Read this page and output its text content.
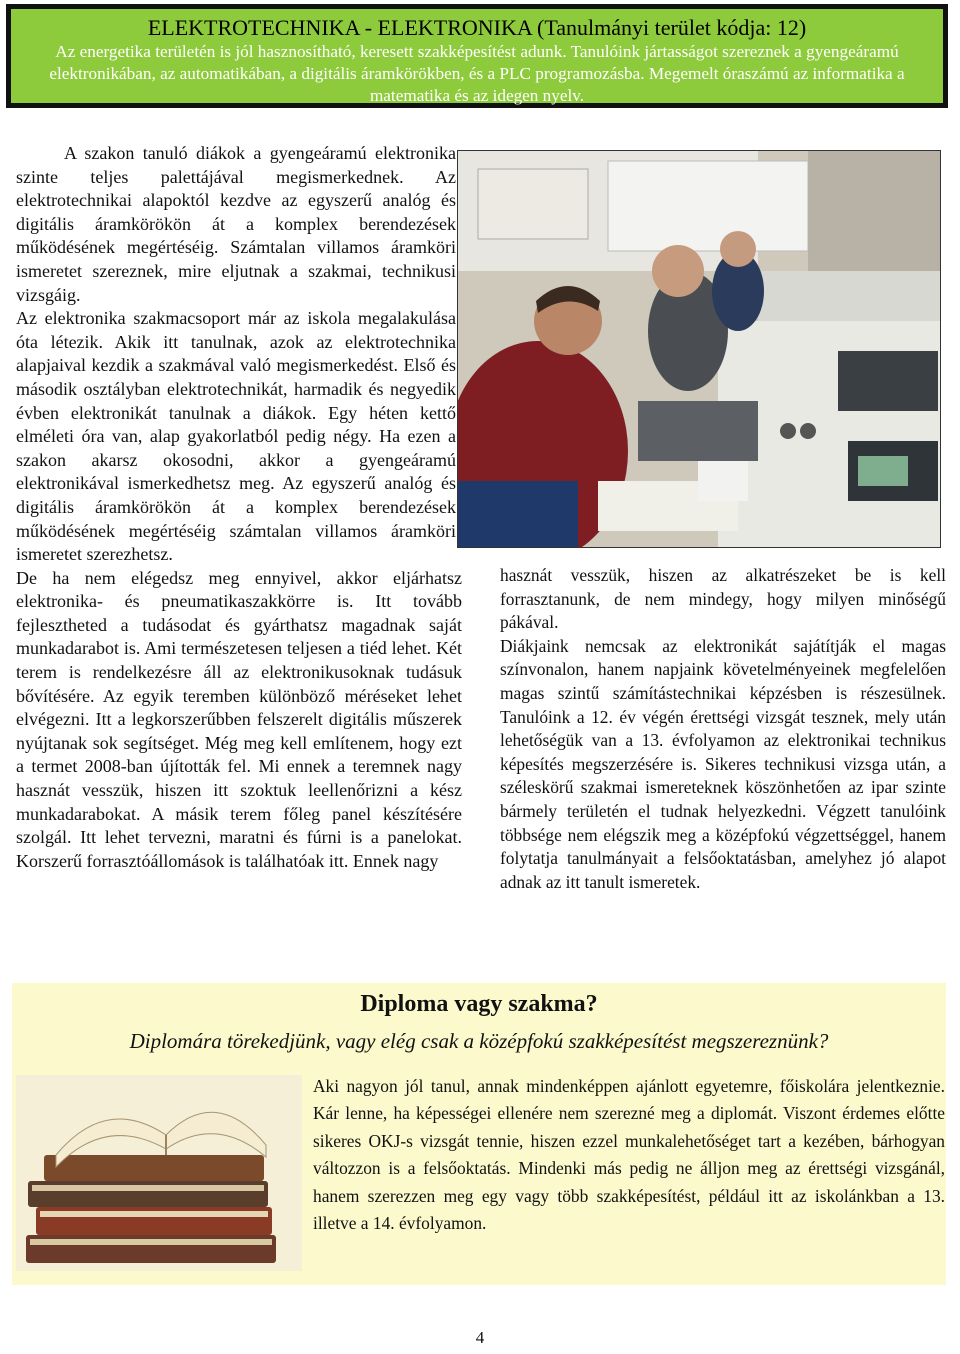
ELEKTROTECHNIKA - ELEKTRONIKA (Tanulmányi terület kódja: 12)

Az energetika területén is jól hasznosítható, keresett szakképesítést adunk. Tanulóink jártasságot szereznek a gyengeáramú elektronikában, az automatikában, a digitális áramkörökben, és a PLC programozásba. Megemelt óraszámú az informatika a matematika és az idegen nyelv.

A szakon tanuló diákok a gyengeáramú elektronika szinte teljes palettájával megismerkednek. Az elektrotechnikai alapoktól kezdve az egyszerű analóg és digitális áramkörökön át a komplex berendezések működésének megértéséig. Számtalan villamos áramköri ismeretet szereznek, mire eljutnak a szakmai, technikusi vizsgáig.

Az elektronika szakmacsoport már az iskola megalakulása óta létezik. Akik itt tanulnak, azok az elektrotechnika alapjaival kezdik a szakmával való megismerkedést. Első és második osztályban elektrotechnikát, harmadik és negyedik évben elektronikát tanulnak a diákok. Egy héten kettő elméleti óra van, alap gyakorlatból pedig négy. Ha ezen a szakon akarsz okosodni, akkor a gyengeáramú elektronikával ismerkedhetsz meg. Az egyszerű analóg és digitális áramkörökön át a komplex berendezések működésének megértéséig számtalan villamos áramköri ismeretet szerezhetsz.

De ha nem elégedsz meg ennyivel, akkor eljárhatsz elektronika- és pneumatikaszakkörre is. Itt tovább fejlesztheted a tudásodat és gyárthatsz magadnak saját munkadarabot is. Ami természetesen teljesen a tiéd lehet. Két terem is rendelkezésre áll az elektronikusoknak tudásuk bővítésére. Az egyik teremben különböző méréseket lehet elvégezni. Itt a legkorszerűbben felszerelt digitális műszerek nyújtanak sok segítséget. Még meg kell említenem, hogy ezt a termet 2008-ban újították fel. Mi ennek a teremnek nagy hasznát vesszük, hiszen itt szoktuk leellenőrizni a kész munkadarabokat. A másik terem főleg panel készítésére szolgál. Itt lehet tervezni, maratni és fúrni is a panelokat. Korszerű forrasztóállomások is találhatóak itt. Ennek nagy

hasznát vesszük, hiszen az alkatrészeket be is kell forrasztanunk, de nem mindegy, hogy milyen minőségű pákával.

Diákjaink nemcsak az elektronikát sajátítják el magas színvonalon, hanem napjaink követelményeinek megfelelően magas szintű számítástechnikai képzésben is részesülnek. Tanulóink a 12. év végén érettségi vizsgát tesznek, mely után lehetőségük van a 13. évfolyamon az elektronikai technikus képesítés megszerzésére is. Sikeres technikusi vizsga után, a széleskörű szakmai ismereteknek köszönhetően az ipar szinte bármely területén el tudnak helyezkedni. Végzett tanulóink többsége nem elégszik meg a középfokú végzettséggel, hanem folytatja tanulmányait a felsőoktatásban, amelyhez jó alapot adnak az itt tanult ismeretek.

Diploma vagy szakma?
Diplomára törekedjünk, vagy elég csak a középfokú szakképesítést megszereznünk?
Aki nagyon jól tanul, annak mindenképpen ajánlott egyetemre, főiskolára jelentkeznie. Kár lenne, ha képességei ellenére nem szerezné meg a diplomát. Viszont érdemes előtte sikeres OKJ-s vizsgát tennie, hiszen ezzel munkalehetőséget tart a kezében, bárhogyan változzon is a felsőoktatás. Mindenki más pedig ne álljon meg az érettségi vizsgánál, hanem szerezzen meg egy vagy több szakképesítést, például itt az iskolánkban a 13. illetve a 14. évfolyamon.
4
